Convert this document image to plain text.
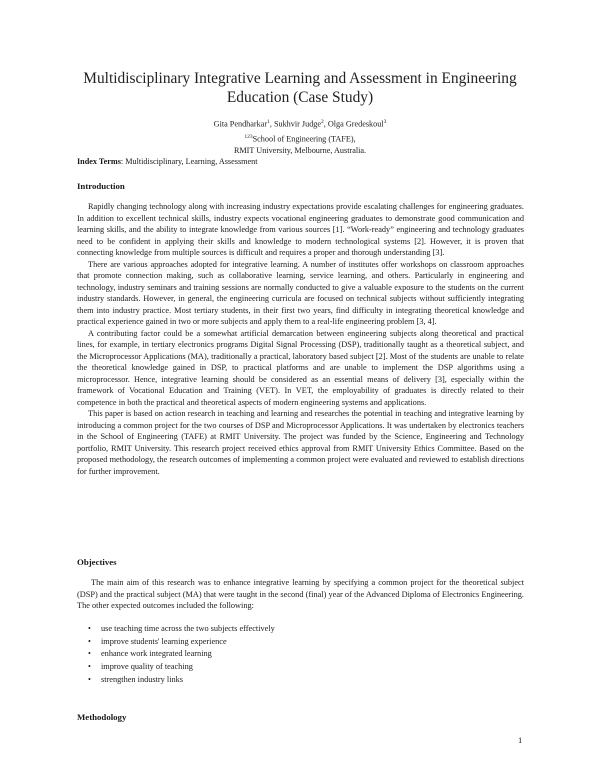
Multidisciplinary Integrative Learning and Assessment in Engineering Education (Case Study)
Gita Pendharkar$^1$, Sukhvir Judge$^2$, Olga Gredeskoul$^3$
$^{123}$School of Engineering (TAFE),
RMIT University, Melbourne, Australia.
Index Terms: Multidisciplinary, Learning, Assessment
Introduction

Rapidly changing technology along with increasing industry expectations provide escalating challenges for engineering graduates. In addition to excellent technical skills, industry expects vocational engineering graduates to demonstrate good communication and learning skills, and the ability to integrate knowledge from various sources [1]. “Work-ready” engineering and technology graduates need to be confident in applying their skills and knowledge to modern technological systems [2]. However, it is proven that connecting knowledge from multiple sources is difficult and requires a proper and thorough understanding [3].

There are various approaches adopted for integrative learning. A number of institutes offer workshops on classroom approaches that promote connection making, such as collaborative learning, service learning, and others. Particularly in engineering and technology, industry seminars and training sessions are normally conducted to give a valuable exposure to the students on the current industry standards. However, in general, the engineering curricula are focused on technical subjects without sufficiently integrating them into industry practice. Most tertiary students, in their first two years, find difficulty in integrating theoretical knowledge and practical experience gained in two or more subjects and apply them to a real-life engineering problem [3, 4].

A contributing factor could be a somewhat artificial demarcation between engineering subjects along theoretical and practical lines, for example, in tertiary electronics programs Digital Signal Processing (DSP), traditionally taught as a theoretical subject, and the Microprocessor Applications (MA), traditionally a practical, laboratory based subject [2]. Most of the students are unable to relate the theoretical knowledge gained in DSP, to practical platforms and are unable to implement the DSP algorithms using a microprocessor. Hence, integrative learning should be considered as an essential means of delivery [3], especially within the framework of Vocational Education and Training (VET). In VET, the employability of graduates is directly related to their competence in both the practical and theoretical aspects of modern engineering systems and applications.

This paper is based on action research in teaching and learning and researches the potential in teaching and integrative learning by introducing a common project for the two courses of DSP and Microprocessor Applications. It was undertaken by electronics teachers in the School of Engineering (TAFE) at RMIT University. The project was funded by the Science, Engineering and Technology portfolio, RMIT University. This research project received ethics approval from RMIT University Ethics Committee. Based on the proposed methodology, the research outcomes of implementing a common project were evaluated and reviewed to establish directions for further improvement.

Objectives

The main aim of this research was to enhance integrative learning by specifying a common project for the theoretical subject (DSP) and the practical subject (MA) that were taught in the second (final) year of the Advanced Diploma of Electronics Engineering. The other expected outcomes included the following:

• use teaching time across the two subjects effectively
• improve students' learning experience
• enhance work integrated learning
• improve quality of teaching
• strengthen industry links
Methodology
1
